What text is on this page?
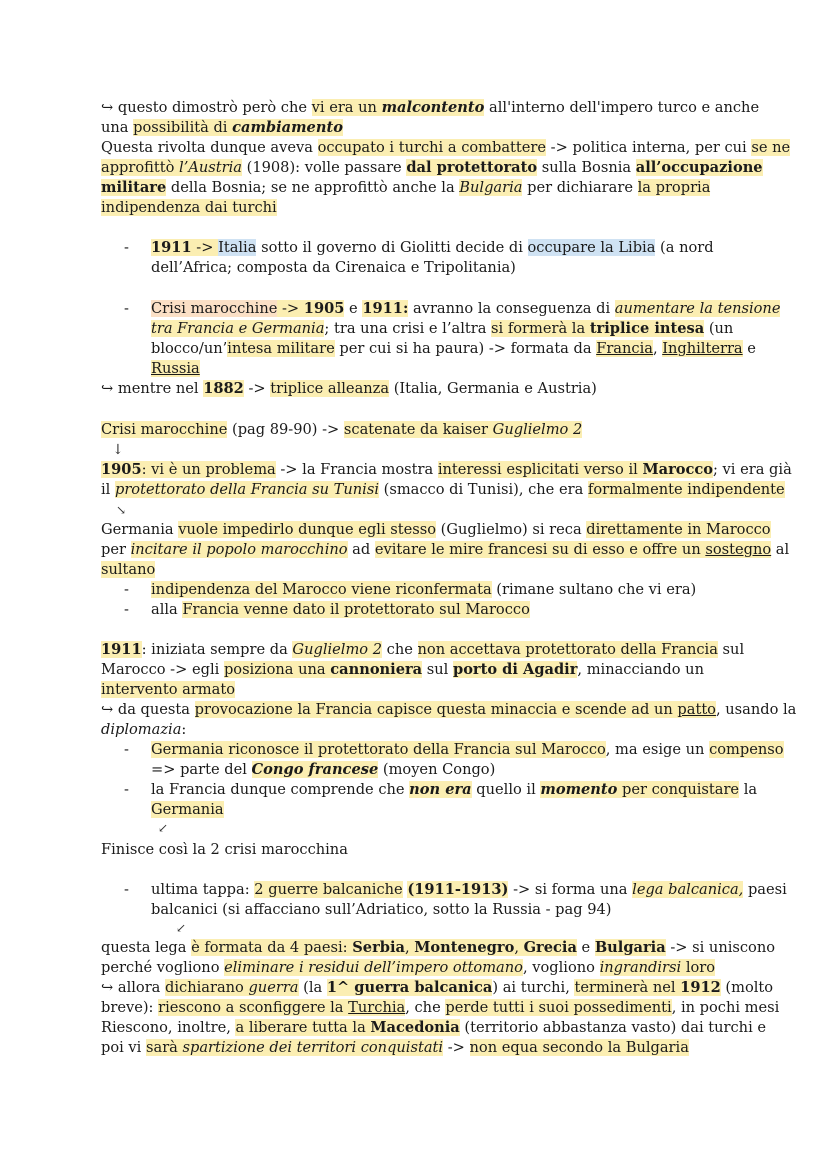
↪ questo dimostrò però che vi era un malcontento all'interno dell'impero turco e anche
una possibilità di cambiamento
Questa rivolta dunque aveva occupato i turchi a combattere -> politica interna, per cui se ne
approfittò l’Austria (1908): volle passare dal protettorato sulla Bosnia all’occupazione
militare della Bosnia; se ne approfittò anche la Bulgaria per dichiarare la propria
indipendenza dai turchi
- 1911 -> Italia sotto il governo di Giolitti decide di occupare la Libia (a nord
dell’Africa; composta da Cirenaica e Tripolitania)
- Crisi marocchine -> 1905 e 1911: avranno la conseguenza di aumentare la tensione
tra Francia e Germania; tra una crisi e l’altra si formerà la triplice intesa (un
blocco/un’intesa militare per cui si ha paura) -> formata da Francia, Inghilterra e
Russia
↪ mentre nel 1882 -> triplice alleanza (Italia, Germania e Austria)
Crisi marocchine (pag 89-90) -> scatenate da kaiser Guglielmo 2
↓
1905: vi è un problema -> la Francia mostra interessi esplicitati verso il Marocco; vi era già
il protettorato della Francia su Tunisi (smacco di Tunisi), che era formalmente indipendente
↘
Germania vuole impedirlo dunque egli stesso (Guglielmo) si reca direttamente in Marocco
per incitare il popolo marocchino ad evitare le mire francesi su di esso e offre un sostegno al
sultano
- indipendenza del Marocco viene riconfermata (rimane sultano che vi era)
- alla Francia venne dato il protettorato sul Marocco
1911: iniziata sempre da Guglielmo 2 che non accettava protettorato della Francia sul
Marocco -> egli posiziona una cannoniera sul porto di Agadir, minacciando un
intervento armato
↪ da questa provocazione la Francia capisce questa minaccia e scende ad un patto, usando la
diplomazia:
- Germania riconosce il protettorato della Francia sul Marocco, ma esige un compenso
=> parte del Congo francese (moyen Congo)
- la Francia dunque comprende che non era quello il momento per conquistare la
Germania
↙
Finisce così la 2 crisi marocchina
- ultima tappa: 2 guerre balcaniche (1911-1913) -> si forma una lega balcanica, paesi
balcanici (si affacciano sull’Adriatico, sotto la Russia - pag 94)
↙
questa lega è formata da 4 paesi: Serbia, Montenegro, Grecia e Bulgaria -> si uniscono
perché vogliono eliminare i residui dell’impero ottomano, vogliono ingrandirsi loro
↪ allora dichiarano guerra (la 1^ guerra balcanica) ai turchi, terminerà nel 1912 (molto
breve): riescono a sconfiggere la Turchia, che perde tutti i suoi possedimenti, in pochi mesi
Riescono, inoltre, a liberare tutta la Macedonia (territorio abbastanza vasto) dai turchi e
poi vi sarà spartizione dei territori conquistati -> non equa secondo la Bulgaria
